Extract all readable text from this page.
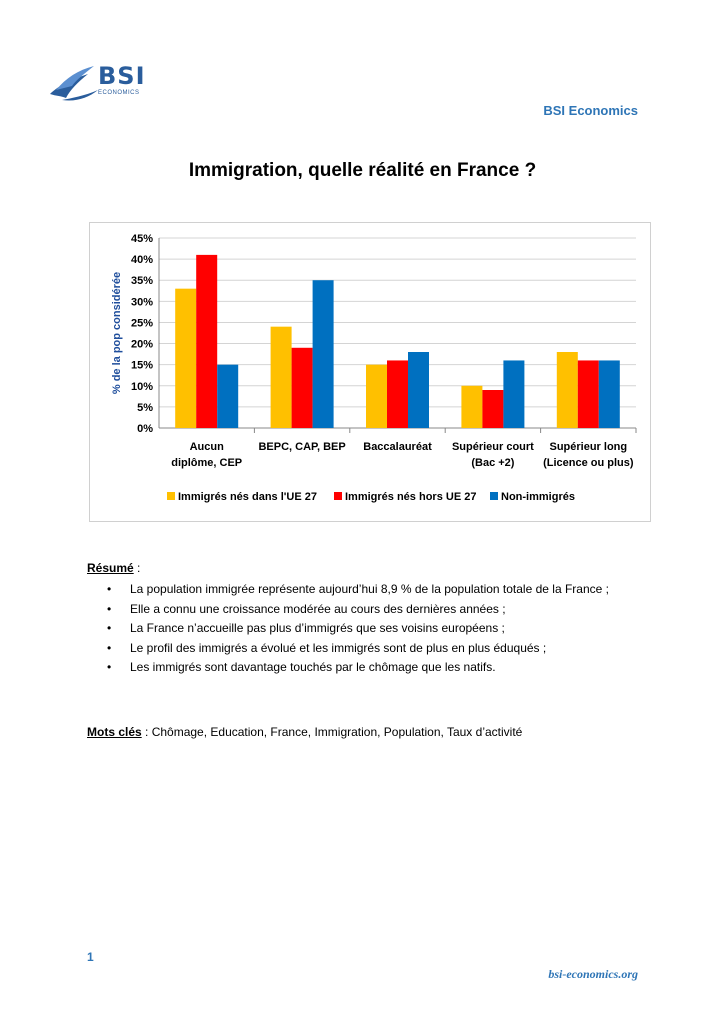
BSI
ECONOMICS
BSI Economics
Immigration, quelle réalité en France ?
% de la pop considérée
0%
5%
10%
15%
20%
25%
30%
35%
40%
45%
Aucun
diplôme, CEP
BEPC, CAP, BEP Baccalauréat Supérieur court
(Bac +2)
Supérieur long
(Licence ou plus)
Immigrés nés dans l'UE 27	Immigrés nés hors UE 27 Non-immigrés
Résumé :
• La population immigrée représente aujourd’hui 8,9 % de la population totale de la France ;
• Elle a connu une croissance modérée au cours des dernières années ;
• La France n’accueille pas plus d’immigrés que ses voisins européens ;
• Le profil des immigrés a évolué et les immigrés sont de plus en plus éduqués ;
• Les immigrés sont davantage touchés par le chômage que les natifs.
Mots clés : Chômage, Education, France, Immigration, Population, Taux d’activité
1
bsi-economics.org
